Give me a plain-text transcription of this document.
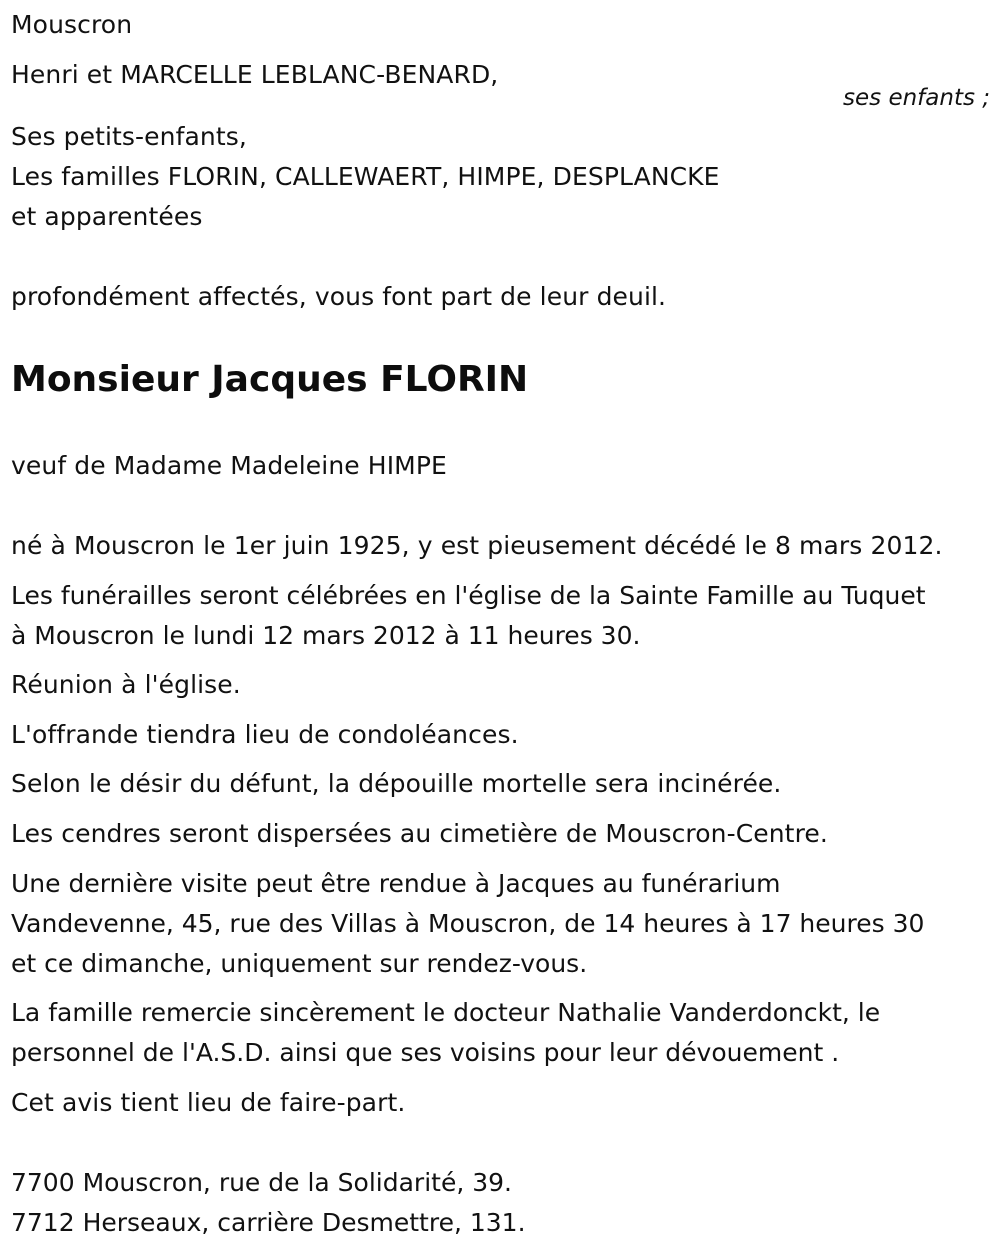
Mouscron
Henri et MARCELLE LEBLANC-BENARD,
ses enfants ;
Ses petits-enfants,
Les familles FLORIN, CALLEWAERT, HIMPE, DESPLANCKE
et apparentées
profondément affectés, vous font part de leur deuil.
Monsieur Jacques FLORIN
veuf de Madame Madeleine HIMPE
né à Mouscron le 1er juin 1925, y est pieusement décédé le 8 mars 2012.
Les funérailles seront célébrées en l'église de la Sainte Famille au Tuquet
à Mouscron le lundi 12 mars 2012 à 11 heures 30.
Réunion à l'église.
L'offrande tiendra lieu de condoléances.
Selon le désir du défunt, la dépouille mortelle sera incinérée.
Les cendres seront dispersées au cimetière de Mouscron-Centre.
Une dernière visite peut être rendue à Jacques au funérarium
Vandevenne, 45, rue des Villas à Mouscron, de 14 heures à 17 heures 30
et ce dimanche, uniquement sur rendez-vous.
La famille remercie sincèrement le docteur Nathalie Vanderdonckt, le
personnel de l'A.S.D. ainsi que ses voisins pour leur dévouement .
Cet avis tient lieu de faire-part.
7700 Mouscron, rue de la Solidarité, 39.
7712 Herseaux, carrière Desmettre, 131.
